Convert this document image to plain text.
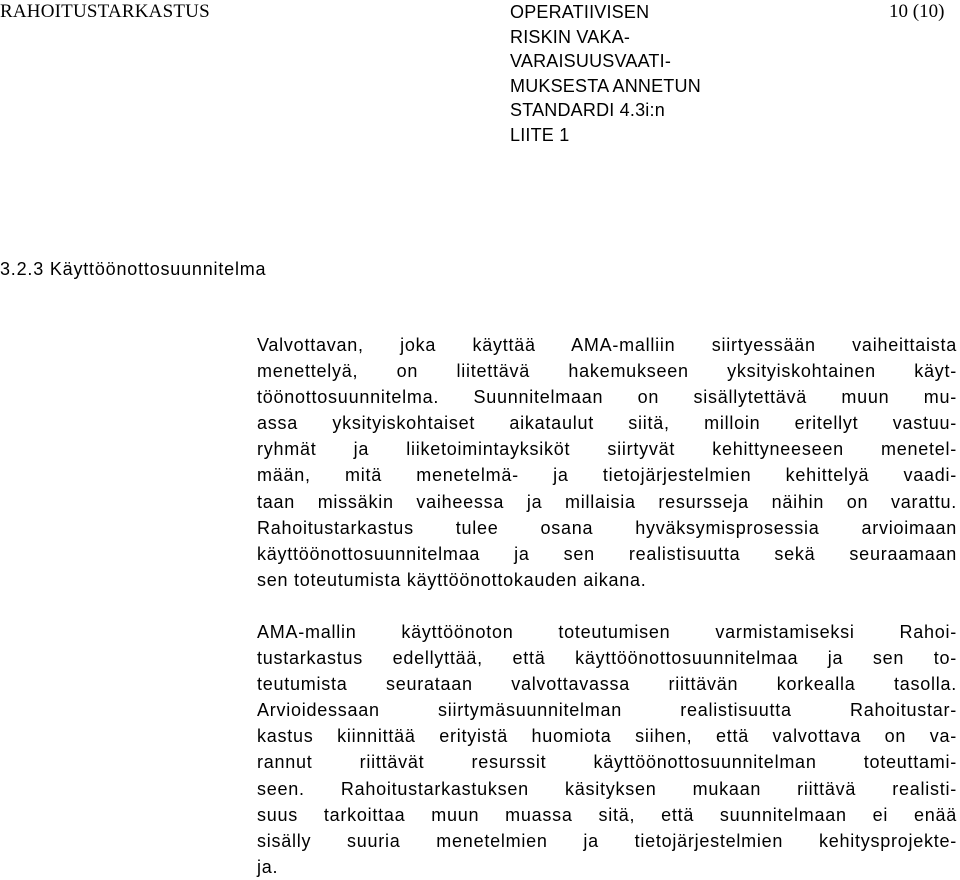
RAHOITUSTARKASTUS	OPERATIIVISEN
RISKIN VAKA-
VARAISUUSVAATI-
MUKSESTA ANNETUN
STANDARDI 4.3i:n
LIITE 1
10 (10)
3.2.3 Käyttöönottosuunnitelma
Valvottavan, joka käyttää AMA-malliin siirtyessään vaiheittaista
menettelyä, on liitettävä hakemukseen yksityiskohtainen käyt-
töönottosuunnitelma. Suunnitelmaan on sisällytettävä muun mu-
assa yksityiskohtaiset aikataulut siitä, milloin eritellyt vastuu-
ryhmät ja liiketoimintayksiköt siirtyvät kehittyneeseen menetel-
mään, mitä menetelmä- ja tietojärjestelmien kehittelyä vaadi-
taan missäkin vaiheessa ja millaisia resursseja näihin on varattu.
Rahoitustarkastus tulee osana hyväksymisprosessia arvioimaan
käyttöönottosuunnitelmaa ja sen realistisuutta sekä seuraamaan
sen toteutumista käyttöönottokauden aikana.
AMA-mallin käyttöönoton toteutumisen varmistamiseksi Rahoi-
tustarkastus edellyttää, että käyttöönottosuunnitelmaa ja sen to-
teutumista seurataan valvottavassa riittävän korkealla tasolla.
Arvioidessaan siirtymäsuunnitelman realistisuutta Rahoitustar-
kastus kiinnittää erityistä huomiota siihen, että valvottava on va-
rannut riittävät resurssit käyttöönottosuunnitelman toteuttami-
seen. Rahoitustarkastuksen käsityksen mukaan riittävä realisti-
suus tarkoittaa muun muassa sitä, että suunnitelmaan ei enää
sisälly suuria menetelmien ja tietojärjestelmien kehitysprojekte-
ja.
